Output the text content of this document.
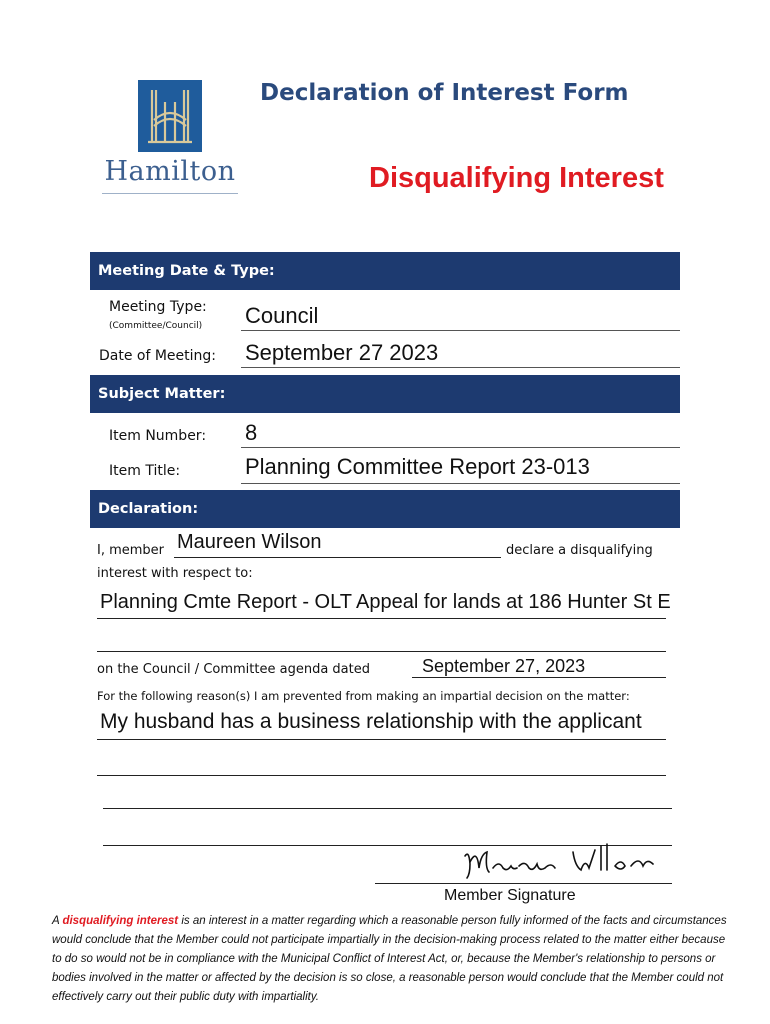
Hamilton
Declaration of Interest Form
Disqualifying Interest
Meeting Date & Type:
Meeting Type:
(Committee/Council) Council
Date of Meeting: September 27 2023
Subject Matter:
Item Number: 8
Item Title:	Planning Committee Report 23-013
Declaration:
I, member Maureen Wilson	declare a disqualifying
interest with respect to:
Planning Cmte Report - OLT Appeal for lands at 186 Hunter St E
on the Council / Committee agenda dated	September 27, 2023
For the following reason(s) I am prevented from making an impartial decision on the matter:
My husband has a business relationship with the applicant
Member Signature
A disqualifying interest is an interest in a matter regarding which a reasonable person fully informed of the facts and circumstances would conclude that the Member could not participate impartially in the decision-making process related to the matter either because to do so would not be in compliance with the Municipal Conflict of Interest Act, or, because the Member's relationship to persons or bodies involved in the matter or affected by the decision is so close, a reasonable person would conclude that the Member could not effectively carry out their public duty with impartiality.
